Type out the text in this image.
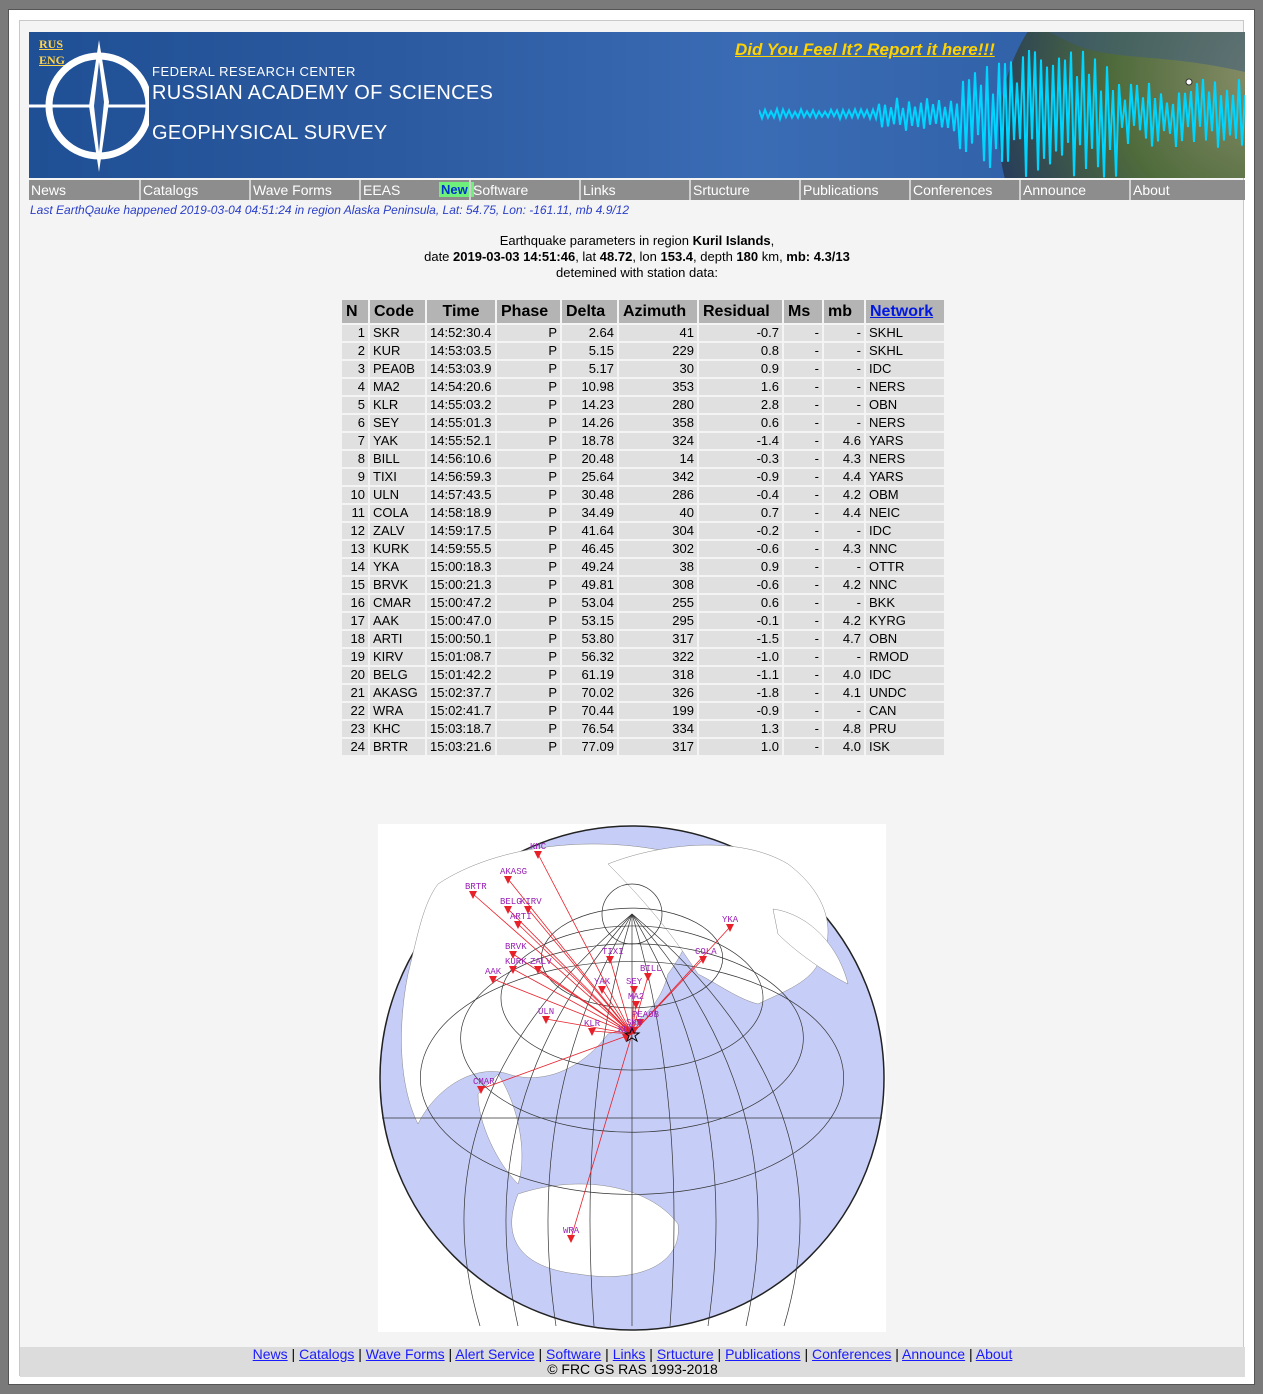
RUS
ENG
FEDERAL RESEARCH CENTER
RUSSIAN ACADEMY OF SCIENCES
GEOPHYSICAL SURVEY
Did You Feel It? Report it here!!!
News	Catalogs	Wave Forms	EEAS	New! Software	Links	Srtucture	Publications	Conferences	Announce	About
Last EarthQauke happened 2019-03-04 04:51:24 in region Alaska Peninsula, Lat: 54.75, Lon: -161.11, mb 4.9/12
Earthquake parameters in region Kuril Islands,
date 2019-03-03 14:51:46, lat 48.72, lon 153.4, depth 180 km, mb: 4.3/13
detemined with station data:
N	Code	Time	Phase	Delta	Azimuth	Residual	Ms	mb	Network
1	SKR	14:52:30.4	P	2.64	41	-0.7	-	-	SKHL
2	KUR	14:53:03.5	P	5.15	229	0.8	-	-	SKHL
3	PEA0B	14:53:03.9	P	5.17	30	0.9	-	-	IDC
4	MA2	14:54:20.6	P	10.98	353	1.6	-	-	NERS
5	KLR	14:55:03.2	P	14.23	280	2.8	-	-	OBN
6	SEY	14:55:01.3	P	14.26	358	0.6	-	-	NERS
7	YAK	14:55:52.1	P	18.78	324	-1.4	-	4.6	YARS
8	BILL	14:56:10.6	P	20.48	14	-0.3	-	4.3	NERS
9	TIXI	14:56:59.3	P	25.64	342	-0.9	-	4.4	YARS
10	ULN	14:57:43.5	P	30.48	286	-0.4	-	4.2	OBM
11	COLA	14:58:18.9	P	34.49	40	0.7	-	4.4	NEIC
12	ZALV	14:59:17.5	P	41.64	304	-0.2	-	-	IDC
13	KURK	14:59:55.5	P	46.45	302	-0.6	-	4.3	NNC
14	YKA	15:00:18.3	P	49.24	38	0.9	-	-	OTTR
15	BRVK	15:00:21.3	P	49.81	308	-0.6	-	4.2	NNC
16	CMAR	15:00:47.2	P	53.04	255	0.6	-	-	BKK
17	AAK	15:00:47.0	P	53.15	295	-0.1	-	4.2	KYRG
18	ARTI	15:00:50.1	P	53.80	317	-1.5	-	4.7	OBN
19	KIRV	15:01:08.7	P	56.32	322	-1.0	-	-	RMOD
20	BELG	15:01:42.2	P	61.19	318	-1.1	-	4.0	IDC
21	AKASG	15:02:37.7	P	70.02	326	-1.8	-	4.1	UNDC
22	WRA	15:02:41.7	P	70.44	199	-0.9	-	-	CAN
23	KHC	15:03:18.7	P	76.54	334	1.3	-	4.8	PRU
24	BRTR	15:03:21.6	P	77.09	317	1.0	-	4.0	ISK
KHC
AKASG
BRTR
BELG
KIRV
ARTI
BRVK
KURK ZALV
AAK
TIXI
BILL
YAK SEY
MA2
ULN
KLR
PEA0B
SKR
KUR
CMAR
WRA
YKA
COLA
News | Catalogs | Wave Forms | Alert Service | Software | Links | Srtucture | Publications | Conferences | Announce | About
© FRC GS RAS 1993-2018
